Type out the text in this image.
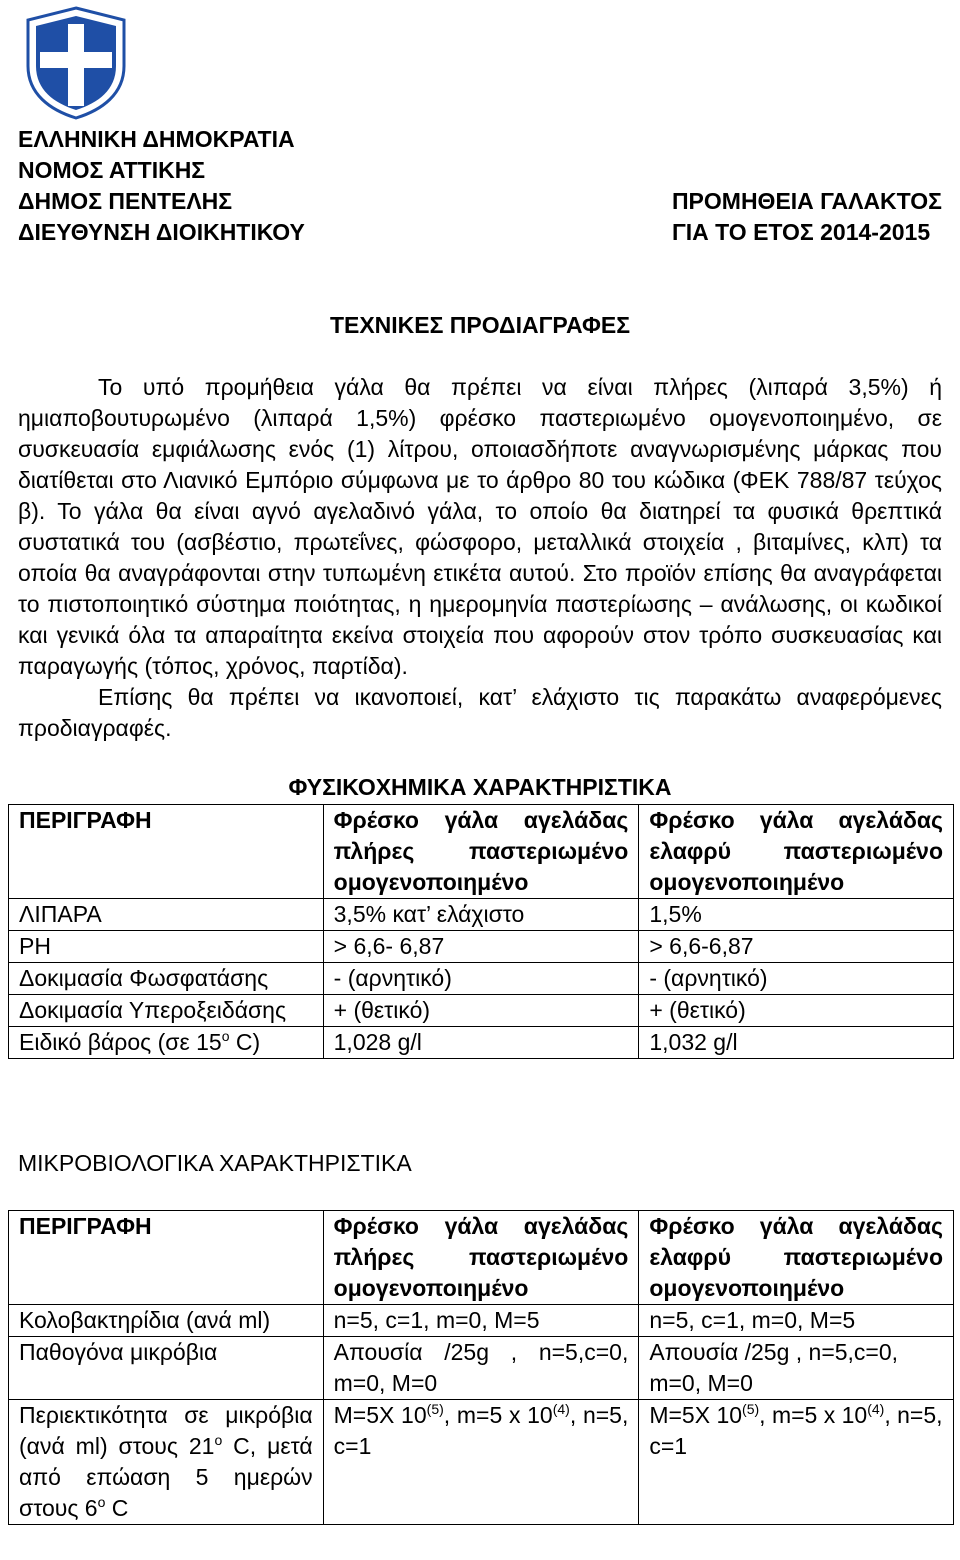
ΕΛΛΗΝΙΚΗ ΔΗΜΟΚΡΑΤΙΑ
ΝΟΜΟΣ ΑΤΤΙΚΗΣ
ΔΗΜΟΣ ΠΕΝΤΕΛΗΣ
ΔΙΕΥΘΥΝΣΗ ΔΙΟΙΚΗΤΙΚΟΥ
ΠΡΟΜΗΘΕΙΑ ΓΑΛΑΚΤΟΣ
ΓΙΑ ΤΟ ΕΤΟΣ 2014-2015
ΤΕΧΝΙΚΕΣ ΠΡΟΔΙΑΓΡΑΦΕΣ

Το υπό προμήθεια γάλα θα πρέπει να είναι πλήρες (λιπαρά 3,5%) ή ημιαποβουτυρωμένο (λιπαρά 1,5%) φρέσκο παστεριωμένο ομογενοποιημένο, σε συσκευασία εμφιάλωσης ενός (1) λίτρου, οποιασδήποτε αναγνωρισμένης μάρκας που διατίθεται στο Λιανικό Εμπόριο σύμφωνα με το άρθρο 80 του κώδικα (ΦΕΚ 788/87 τεύχος β). Το γάλα θα είναι αγνό αγελαδινό γάλα, το οποίο θα διατηρεί τα φυσικά θρεπτικά συστατικά του (ασβέστιο, πρωτεΐνες, φώσφορο, μεταλλικά στοιχεία , βιταμίνες, κλπ) τα οποία θα αναγράφονται στην τυπωμένη ετικέτα αυτού. Στο προϊόν επίσης θα αναγράφεται το πιστοποιητικό σύστημα ποιότητας, η ημερομηνία παστερίωσης – ανάλωσης, οι κωδικοί και γενικά όλα τα απαραίτητα εκείνα στοιχεία που αφορούν στον τρόπο συσκευασίας και παραγωγής (τόπος, χρόνος, παρτίδα).

Επίσης θα πρέπει να ικανοποιεί, κατ’ ελάχιστο τις παρακάτω αναφερόμενες προδιαγραφές.

ΦΥΣΙΚΟΧΗΜΙΚΑ ΧΑΡΑΚΤΗΡΙΣΤΙΚΑ
ΠΕΡΙΓΡΑΦΗ	Φρέσκο γάλα αγελάδας πλήρες παστεριωμένο ομογενοποιημένο	Φρέσκο γάλα αγελάδας ελαφρύ παστεριωμένο ομογενοποιημένο
ΛΙΠΑΡΑ	3,5% κατ’ ελάχιστο	1,5%
PH	> 6,6- 6,87	> 6,6-6,87
Δοκιμασία Φωσφατάσης	- (αρνητικό)	- (αρνητικό)
Δοκιμασία Υπεροξειδάσης	+ (θετικό)	+ (θετικό)
Ειδικό βάρος (σε $15^o$ C)	1,028 g/l	1,032 g/l
ΜΙΚΡΟΒΙΟΛΟΓΙΚΑ ΧΑΡΑΚΤΗΡΙΣΤΙΚΑ
ΠΕΡΙΓΡΑΦΗ	Φρέσκο γάλα αγελάδας πλήρες παστεριωμένο ομογενοποιημένο	Φρέσκο γάλα αγελάδας ελαφρύ παστεριωμένο ομογενοποιημένο
Κολοβακτηρίδια (ανά ml)	n=5, c=1, m=0, M=5	n=5, c=1, m=0, M=5
Παθογόνα μικρόβια	Απουσία /25g , n=5,c=0, m=0, M=0	Απουσία /25g , n=5,c=0, m=0, M=0
Περιεκτικότητα σε μικρόβια (ανά ml) στους 21$^o$ C, μετά από επώαση 5 ημερών στους 6$^o$ C	M=5X 10$^{(5)}$, m=5 x 10$^{(4)}$, n=5, c=1	M=5X 10$^{(5)}$, m=5 x 10$^{(4)}$, n=5, c=1
